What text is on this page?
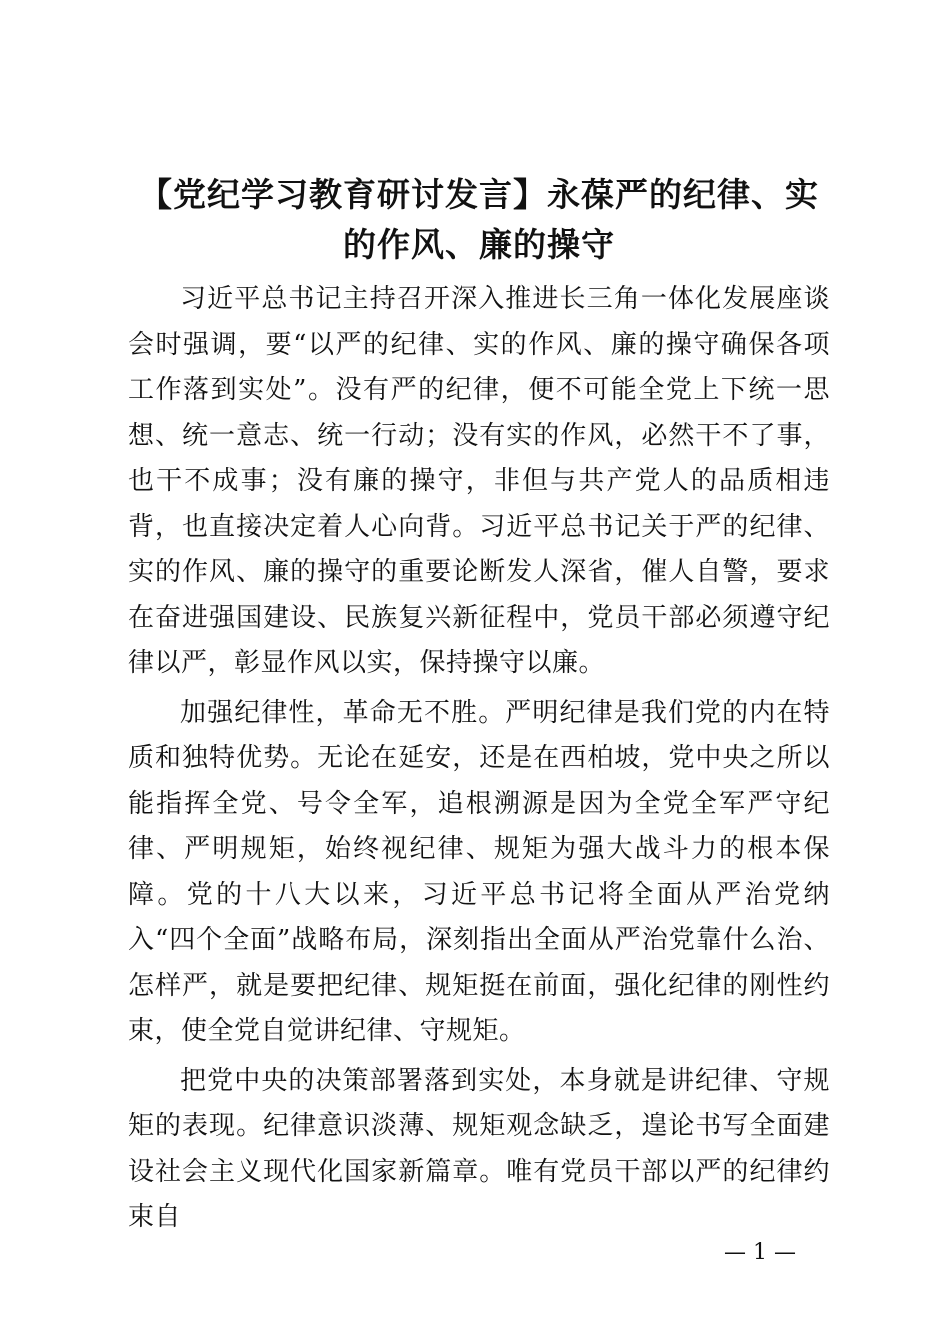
【党纪学习教育研讨发言】永葆严的纪律、实的作风、廉的操守

习近平总书记主持召开深入推进长三角一体化发展座谈会时强调，要“以严的纪律、实的作风、廉的操守确保各项工作落到实处”。没有严的纪律，便不可能全党上下统一思想、统一意志、统一行动；没有实的作风，必然干不了事，也干不成事；没有廉的操守，非但与共产党人的品质相违背，也直接决定着人心向背。习近平总书记关于严的纪律、实的作风、廉的操守的重要论断发人深省，催人自警，要求在奋进强国建设、民族复兴新征程中，党员干部必须遵守纪律以严，彰显作风以实，保持操守以廉。

加强纪律性，革命无不胜。严明纪律是我们党的内在特质和独特优势。无论在延安，还是在西柏坡，党中央之所以能指挥全党、号令全军，追根溯源是因为全党全军严守纪律、严明规矩，始终视纪律、规矩为强大战斗力的根本保障。党的十八大以来，习近平总书记将全面从严治党纳入“四个全面”战略布局，深刻指出全面从严治党靠什么治、怎样严，就是要把纪律、规矩挺在前面，强化纪律的刚性约束，使全党自觉讲纪律、守规矩。

把党中央的决策部署落到实处，本身就是讲纪律、守规矩的表现。纪律意识淡薄、规矩观念缺乏，遑论书写全面建设社会主义现代化国家新篇章。唯有党员干部以严的纪律约束自

— 1 —
